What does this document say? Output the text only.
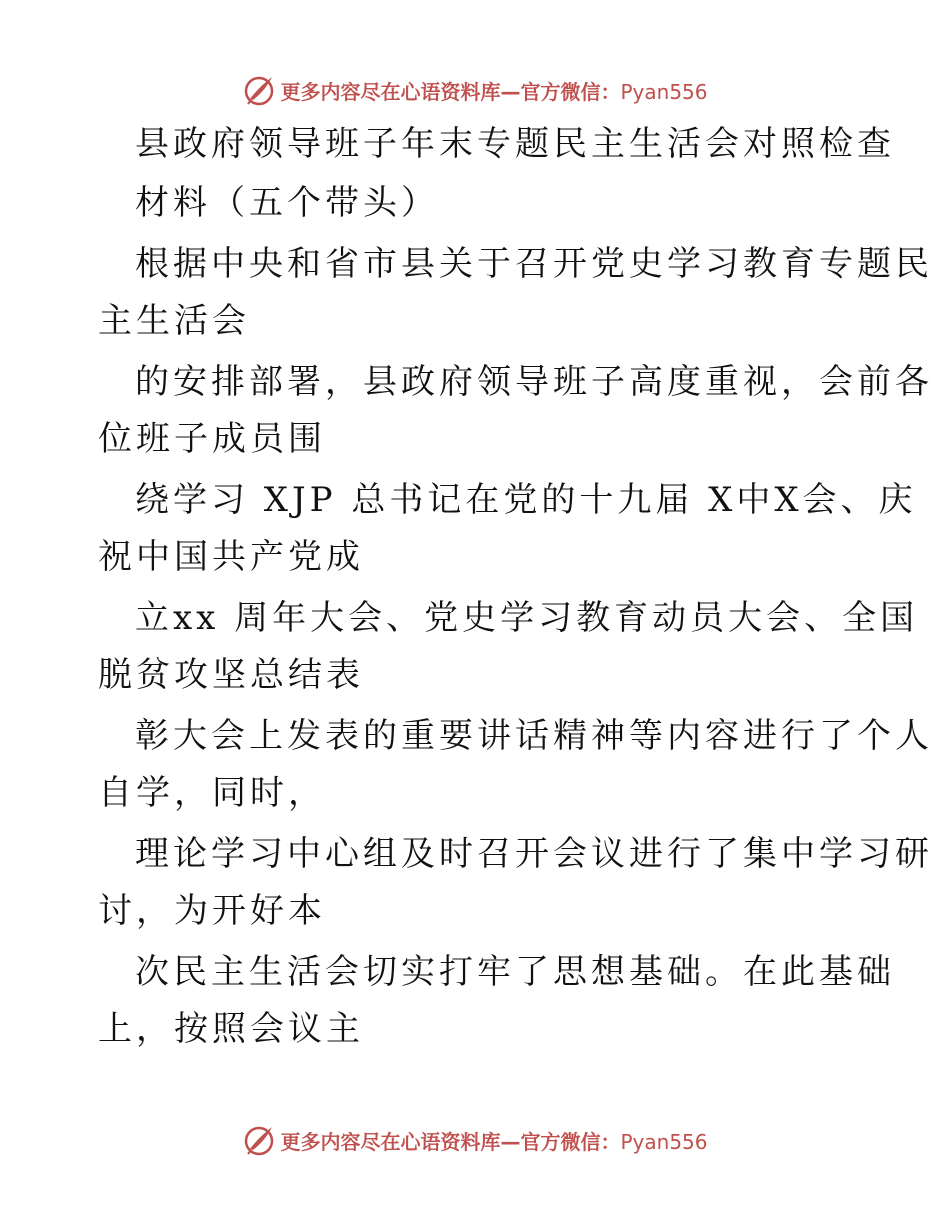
更多内容尽在心语资料库—官方微信：Pyan556
县政府领导班子年末专题民主生活会对照检查
材料（五个带头）
根据中央和省市县关于召开党史学习教育专题民
主生活会
的安排部署，县政府领导班子高度重视，会前各
位班子成员围
绕学习 XJP 总书记在党的十九届 X中X会、庆
祝中国共产党成
立xx 周年大会、党史学习教育动员大会、全国
脱贫攻坚总结表
彰大会上发表的重要讲话精神等内容进行了个人
自学，同时，
理论学习中心组及时召开会议进行了集中学习研
讨，为开好本
次民主生活会切实打牢了思想基础。在此基础
上，按照会议主
更多内容尽在心语资料库—官方微信：Pyan556
